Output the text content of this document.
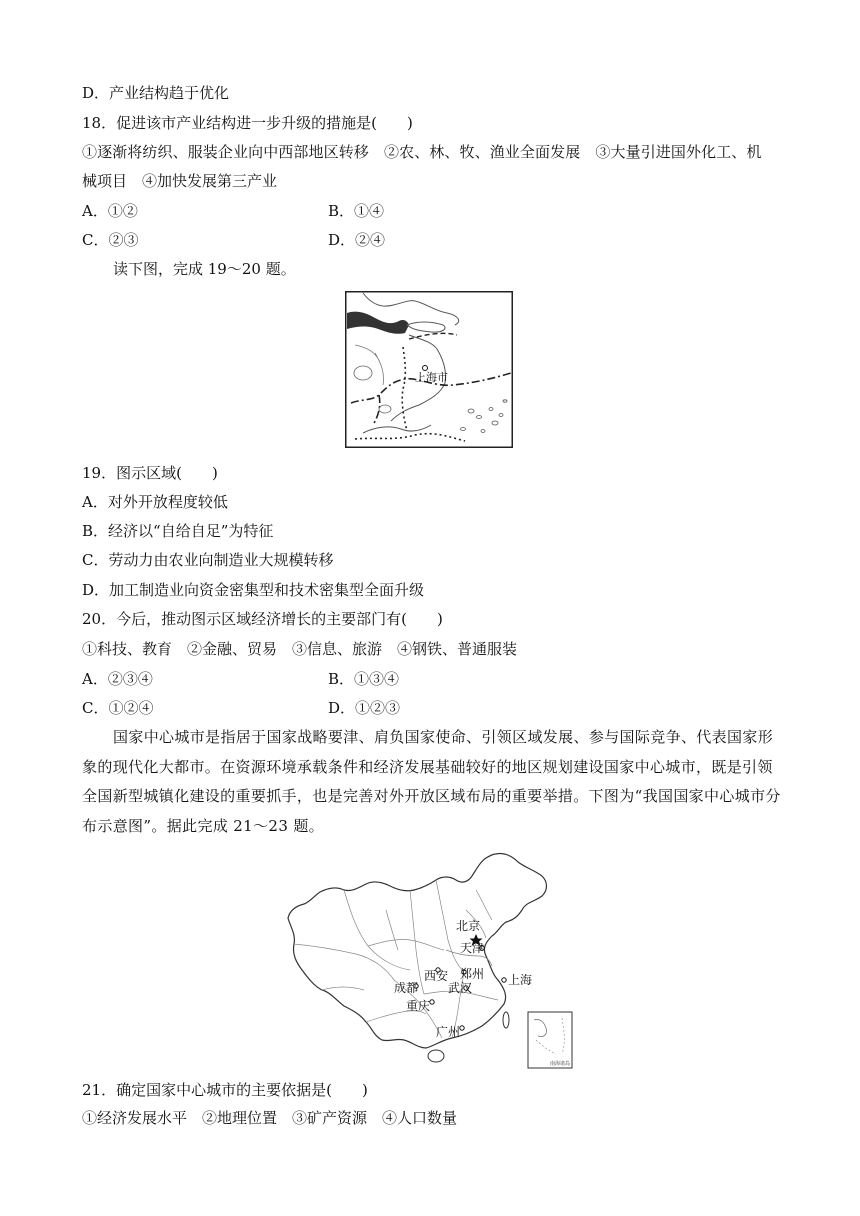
D．产业结构趋于优化
18．促进该市产业结构进一步升级的措施是(　　)
①逐渐将纺织、服装企业向中西部地区转移　②农、林、牧、渔业全面发展　③大量引进国外化工、机
械项目　④加快发展第三产业
A．①②	B．①④
C．②③	D．②④
读下图，完成 19～20 题。
上海市
19．图示区域(　　)
A．对外开放程度较低
B．经济以“自给自足”为特征
C．劳动力由农业向制造业大规模转移
D．加工制造业向资金密集型和技术密集型全面升级
20．今后，推动图示区域经济增长的主要部门有(　　)
①科技、教育　②金融、贸易　③信息、旅游　④钢铁、普通服装
A．②③④	B．①③④
C．①②④	D．①②③
国家中心城市是指居于国家战略要津、肩负国家使命、引领区域发展、参与国际竞争、代表国家形象的现代化大都市。在资源环境承载条件和经济发展基础较好的地区规划建设国家中心城市，既是引领全国新型城镇化建设的重要抓手，也是完善对外开放区域布局的重要举措。下图为“我国国家中心城市分布示意图”。据此完成 21～23 题。
南海诸岛
北京
天津
西安 郑州 上海
成都 武汉
重庆
广州
21．确定国家中心城市的主要依据是(　　)
①经济发展水平　②地理位置　③矿产资源　④人口数量
